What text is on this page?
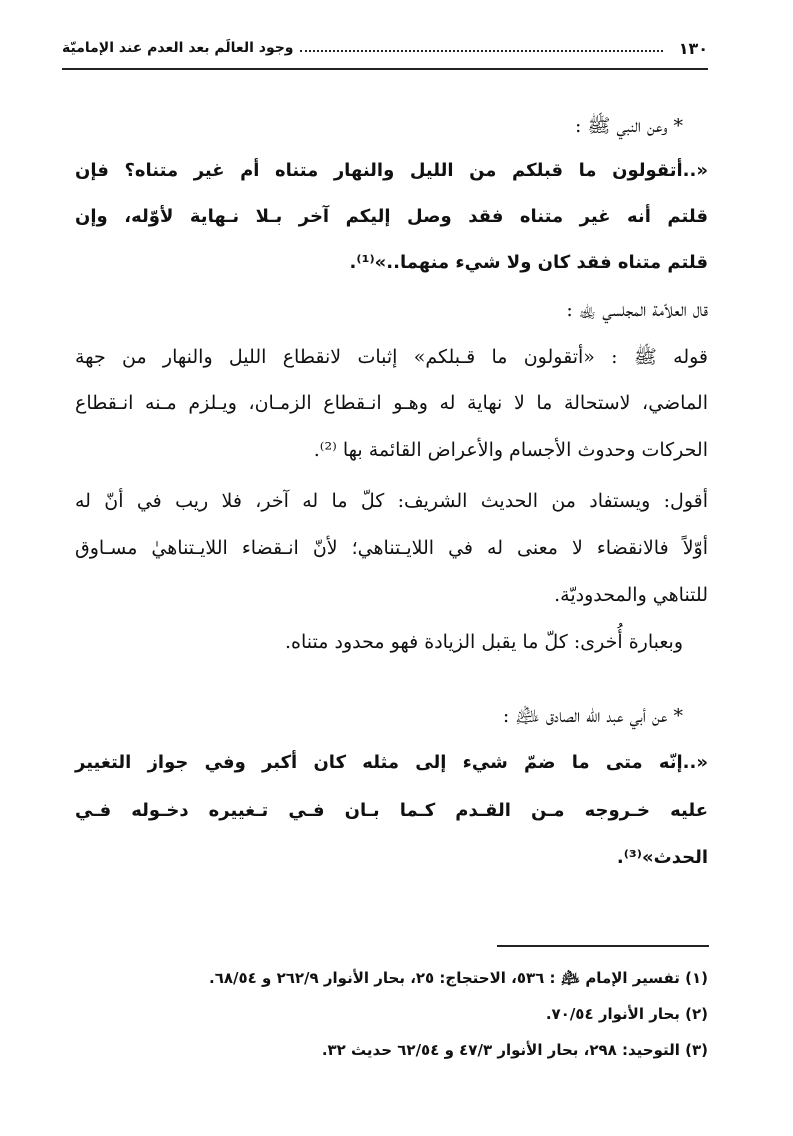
١٣٠
وجود العالَم بعد العدم عند الإماميّة
* وعن النبي ﷺ :
«..أتقولون ما قبلكم من الليل والنهار متناه أم غير متناه؟ فإن
قلتم أنه غير متناه فقد وصل إليكم آخر بـلا نـهاية لأوّله، وإن
قلتم متناه فقد كان ولا شيء منهما..»⁽¹⁾.
قال العلاّمة المجلسي ﵀ :
قوله ﷺ : «أتقولون ما قـبلكم» إثبات لانقطاع الليل والنهار من جهة
الماضي، لاستحالة ما لا نهاية له وهـو انـقطاع الزمـان، ويـلزم مـنه انـقطاع
الحركات وحدوث الأجسام والأعراض القائمة بها ⁽²⁾.
أقول: ويستفاد من الحديث الشريف: كلّ ما له آخر، فلا ريب في أنّ له
أوّلاً فالانقضاء لا معنى له في اللايـتناهي؛ لأنّ انـقضاء اللايـتناهيٰ مسـاوق
للتناهي والمحدوديّة.
وبعبارة أُخرى: كلّ ما يقبل الزيادة فهو محدود متناه.
* عن أبي عبد الله الصادق ﵇ :
«..إنّه متى ما ضمّ شيء إلى مثله كان أكبر وفي جواز التغيير
عليه خـروجه مـن القـدم كـما بـان فـي تـغييره دخـوله فـي
الحدث»⁽³⁾.
(١) تفسير الإمام ﵇ : ٥٣٦، الاحتجاج: ٢٥، بحار الأنوار ٢٦٢/٩ و ٦٨/٥٤.
(٢) بحار الأنوار ٧٠/٥٤.
(٣) التوحيد: ٢٩٨، بحار الأنوار ٤٧/٣ و ٦٢/٥٤ حديث ٣٢.
